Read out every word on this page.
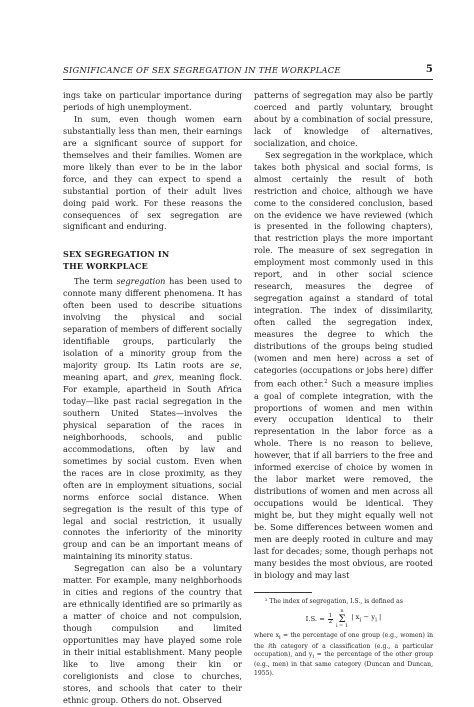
SIGNIFICANCE OF SEX SEGREGATION IN THE WORKPLACE	5

ings take on particular importance during periods of high unemployment.

In sum, even though women earn substantially less than men, their earnings are a significant source of support for themselves and their families. Women are more likely than ever to be in the labor force, and they can expect to spend a substantial portion of their adult lives doing paid work. For these reasons the consequences of sex segregation are significant and enduring.

SEX SEGREGATION IN
THE WORKPLACE

The term segregation has been used to connote many different phenomena. It has often been used to describe situations involving the physical and social separation of members of different socially identifiable groups, particularly the isolation of a minority group from the majority group. Its Latin roots are se, meaning apart, and grex, meaning flock. For example, apartheid in South Africa today—like past racial segregation in the southern United States—involves the physical separation of the races in neighborhoods, schools, and public accommodations, often by law and sometimes by social custom. Even when the races are in close proximity, as they often are in employment situations, social norms enforce social distance. When segregation is the result of this type of legal and social restriction, it usually connotes the inferiority of the minority group and can be an important means of maintaining its minority status.

Segregation can also be a voluntary matter. For example, many neighborhoods in cities and regions of the country that are ethnically identified are so primarily as a matter of choice and not compulsion, though compulsion and limited opportunities may have played some role in their initial establishment. Many people like to live among their kin or coreligionists and close to churches, stores, and schools that cater to their ethnic group. Others do not. Observed

patterns of segregation may also be partly coerced and partly voluntary, brought about by a combination of social pressure, lack of knowledge of alternatives, socialization, and choice.

Sex segregation in the workplace, which takes both physical and social forms, is almost certainly the result of both restriction and choice, although we have come to the considered conclusion, based on the evidence we have reviewed (which is presented in the following chapters), that restriction plays the more important role. The measure of sex segregation in employment most commonly used in this report, and in other social science research, measures the degree of segregation against a standard of total integration. The index of dissimilarity, often called the segregation index, measures the degree to which the distributions of the groups being studied (women and men here) across a set of categories (occupations or jobs here) differ from each other.$^2$ Such a measure implies a goal of complete integration, with the proportions of women and men within every occupation identical to their representation in the labor force as a whole. There is no reason to believe, however, that if all barriers to the free and informed exercise of choice by women in the labor market were removed, the distributions of women and men across all occupations would be identical. They might be, but they might equally well not be. Some differences between women and men are deeply rooted in culture and may last for decades; some, though perhaps not many besides the most obvious, are rooted in biology and may last

² The index of segregation, I.S., is defined as

I.S. = $\frac{1}{2}$
n
Σ
i = 1
| $x_i - y_i$ |

where $x_i$ = the percentage of one group (e.g., women) in the ith category of a classification (e.g., a particular occupation), and $y_i$ = the percentage of the other group (e.g., men) in that same category (Duncan and Duncan, 1955).
